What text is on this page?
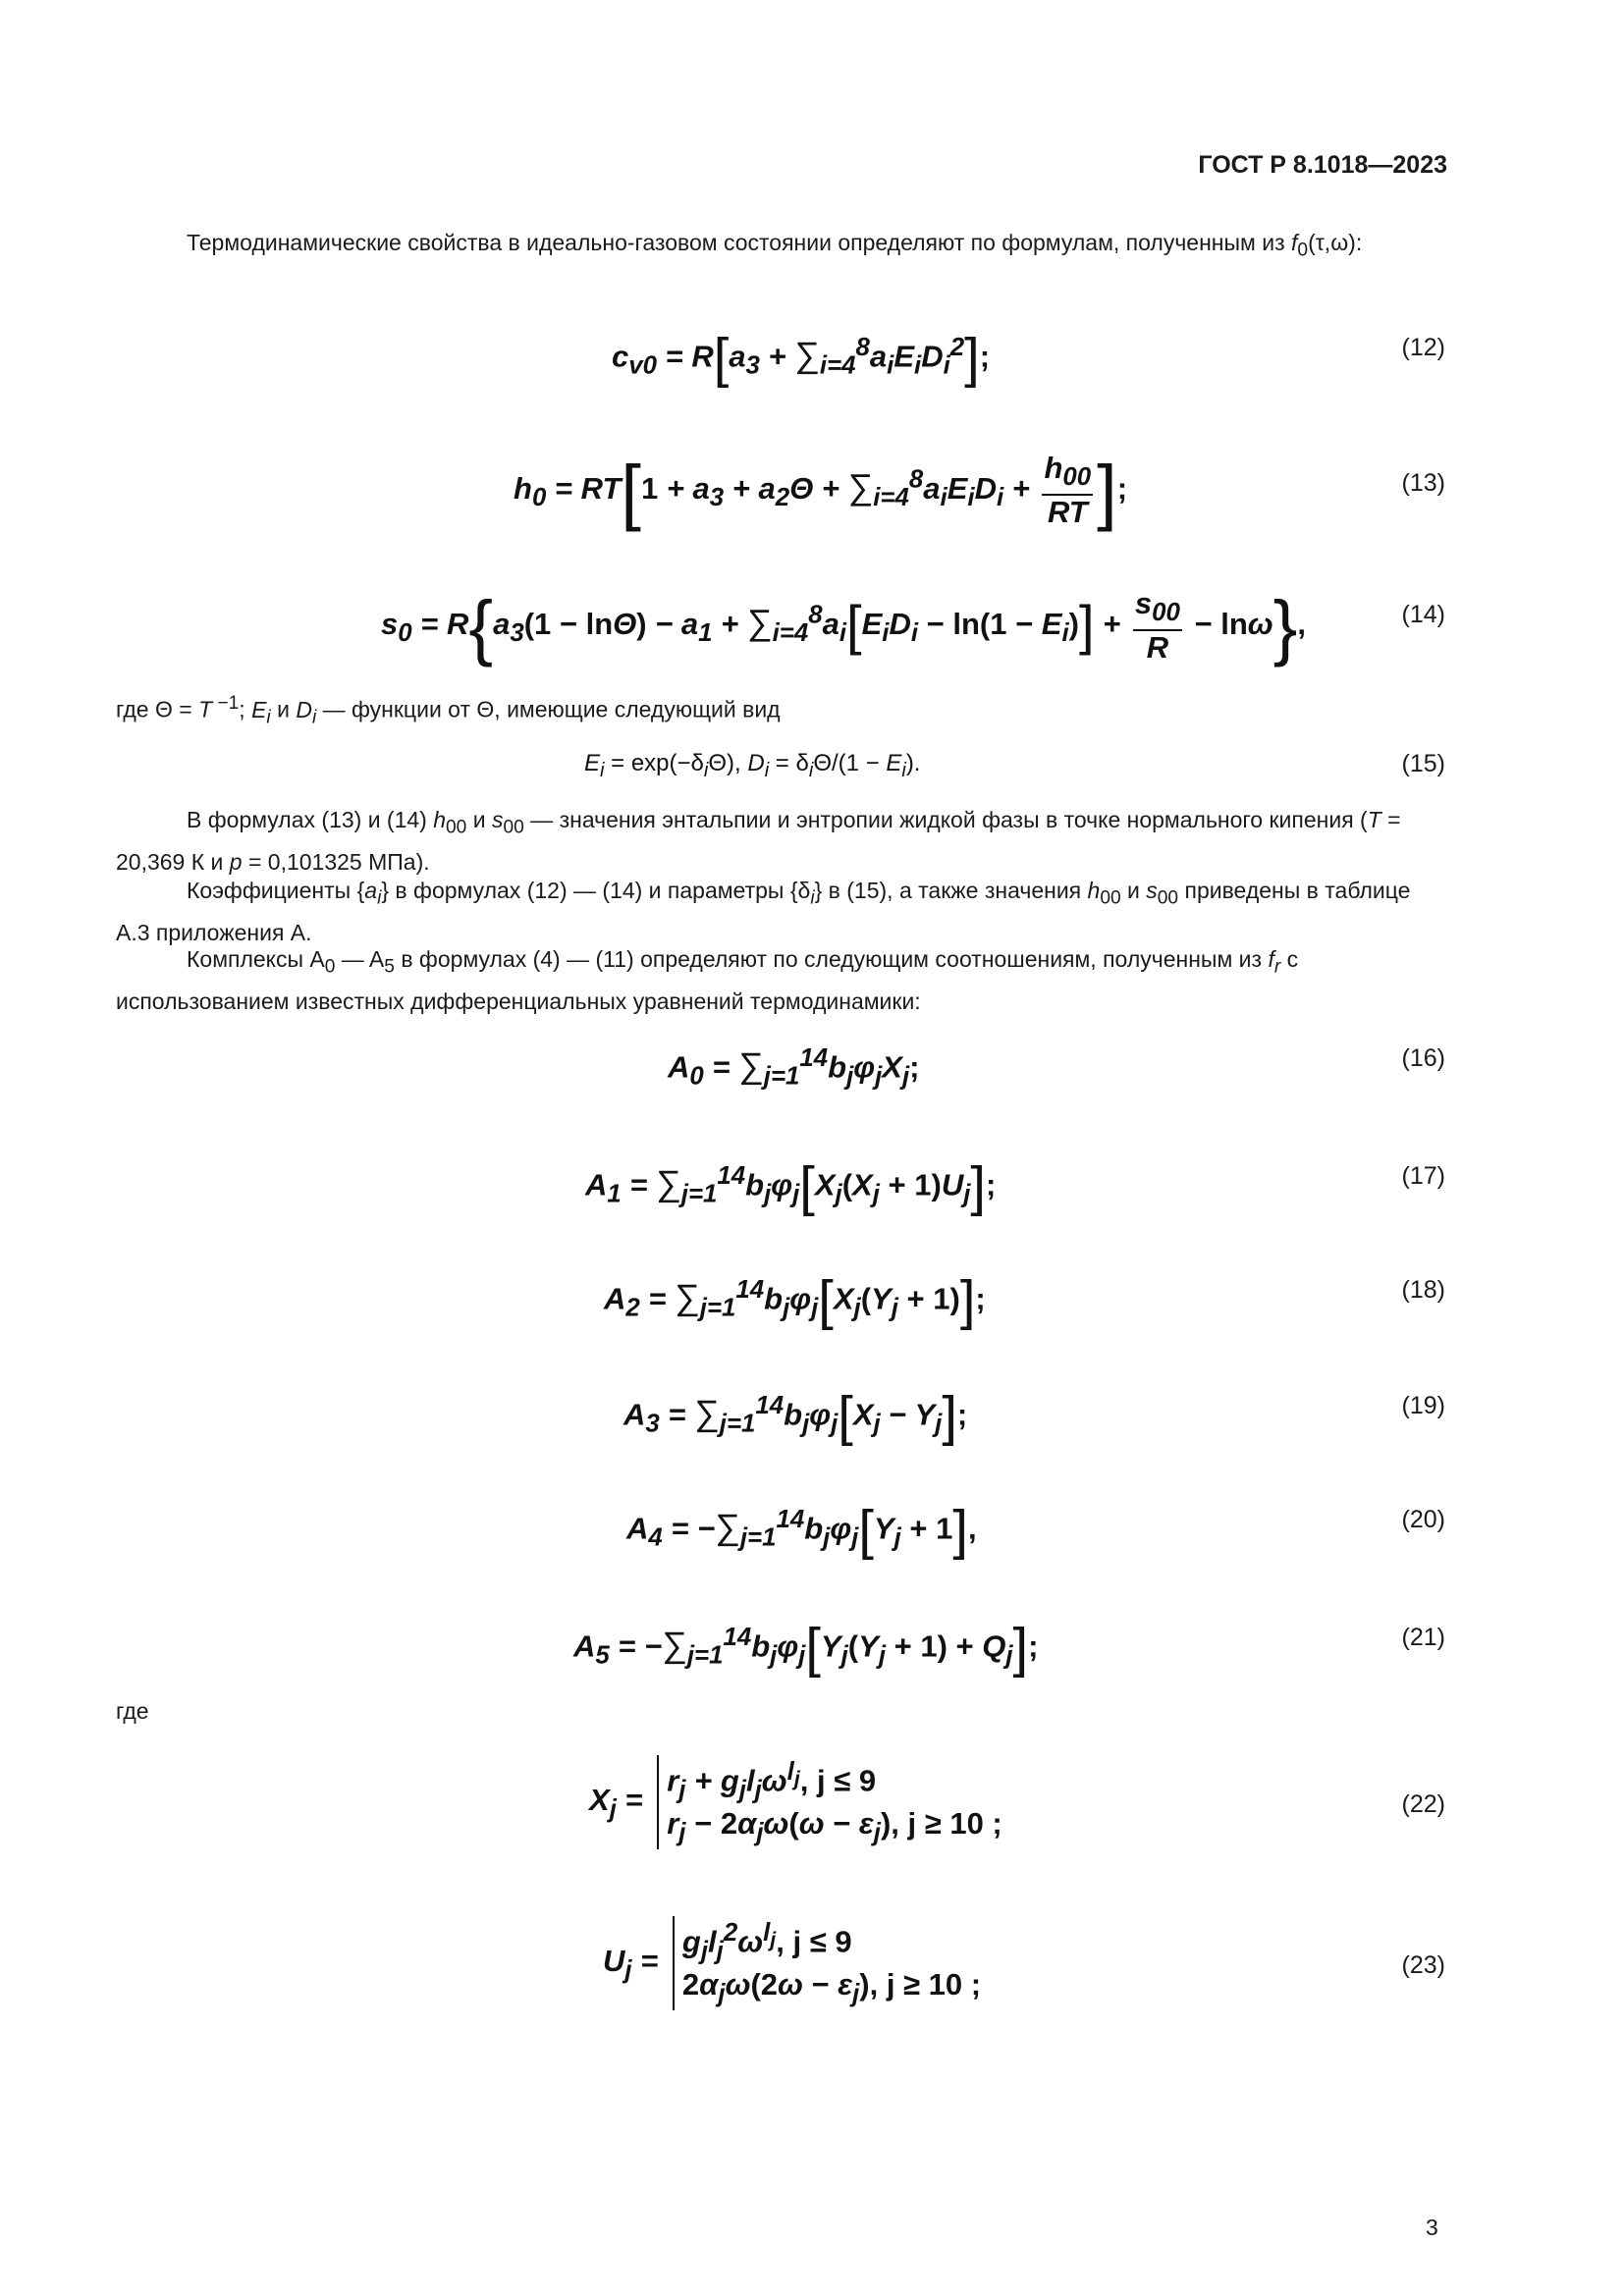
ГОСТ Р 8.1018—2023
Термодинамические свойства в идеально-газовом состоянии определяют по формулам, полученным из $f_0(\tau,\omega)$:
$c_{v0} = R[a_3 + \sum_{i=4}^8a_iE_iD_i^2]$;	(12)
$h_0 = RT[1 + a_3 + a_2\Theta + \sum_{i=4}^8a_iE_iD_i + \frac{h_{00}}{RT}$ ];	(13)
$s_0 = R\{a_3(1 - \ln\Theta) - a_1 + \sum_{i=4}^8a_i[E_iD_i - \ln(1 - E_i)] + \frac{s_{00}}{R} - \ln\omega\}$,	(14)
где Θ = T $^{-1}$; $E_i$ и $D_i$ — функции от Θ, имеющие следующий вид
$E_i = \exp(-\delta_i\Theta)$, $D_i = \delta_i\Theta/(1 - E_i)$.	(15)
В формулах (13) и (14) $h_{00}$ и $s_{00}$ — значения энтальпии и энтропии жидкой фазы в точке нормального кипения (T = 20,369 К и p = 0,101325 МПа).
Коэффициенты $\{a_i\}$ в формулах (12) — (14) и параметры $\{\delta_i\}$ в (15), а также значения $h_{00}$ и $s_{00}$ приведены в таблице А.3 приложения А.
Комплексы $A_0$ — $A_5$ в формулах (4) — (11) определяют по следующим соотношениям, полученным из $f_r$ с использованием известных дифференциальных уравнений термодинамики:
$A_0 = \sum_{j=1}^{14}b_j\varphi_jX_j$;	(16)
$A_1 = \sum_{j=1}^{14}b_j\varphi_j[X_j(X_j + 1)U_j]$;	(17)
$A_2 = \sum_{j=1}^{14}b_j\varphi_j[X_j(Y_j + 1)]$;	(18)
$A_3 = \sum_{j=1}^{14}b_j\varphi_j[X_j - Y_j]$;	(19)
$A_4 = -\sum_{j=1}^{14}b_j\varphi_j[Y_j + 1]$,	(20)
$A_5 = -\sum_{j=1}^{14}b_j\varphi_j[Y_j(Y_j + 1) + Q_j]$;	(21)
где
$X_j = r_j + g_jl_j\omega^{l_j}$, j ≤ 9
$r_j - 2\alpha_j\omega(\omega - \varepsilon_j)$, j ≥ 10 ;
(22)
$U_j = g_jl_j^2\omega^{l_j}$, j ≤ 9
$2\alpha_j\omega(2\omega - \varepsilon_j)$, j ≥ 10 ;
(23)
3
